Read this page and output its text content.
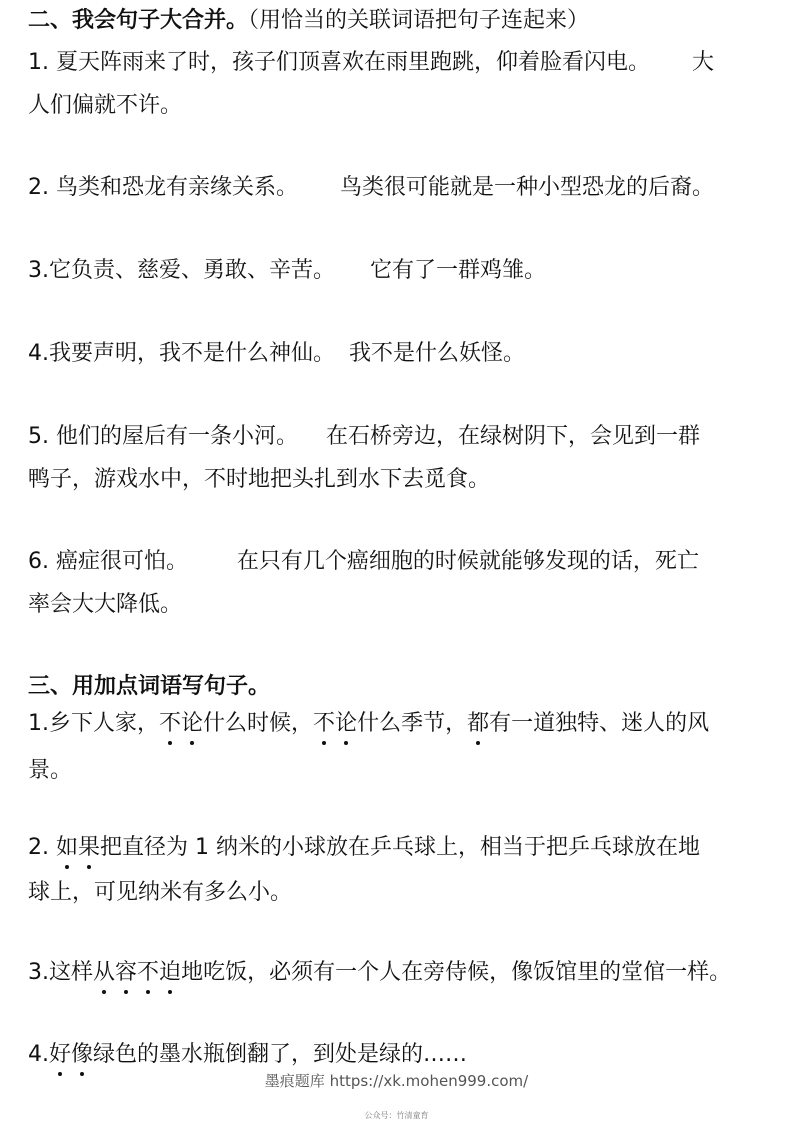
二、我会句子大合并。（用恰当的关联词语把句子连起来）
1. 夏天阵雨来了时，孩子们顶喜欢在雨里跑跳，仰着脸看闪电。      大
人们偏就不许。
2. 鸟类和恐龙有亲缘关系。      鸟类很可能就是一种小型恐龙的后裔。
3.它负责、慈爱、勇敢、辛苦。     它有了一群鸡雏。
4.我要声明，我不是什么神仙。  我不是什么妖怪。
5. 他们的屋后有一条小河。    在石桥旁边，在绿树阴下，会见到一群
鸭子，游戏水中，不时地把头扎到水下去觅食。
6. 癌症很可怕。       在只有几个癌细胞的时候就能够发现的话，死亡
率会大大降低。
三、用加点词语写句子。
1.乡下人家，不论什么时候，不论什么季节，都有一道独特、迷人的风
景。
2. 如果把直径为 1 纳米的小球放在乒乓球上，相当于把乒乓球放在地
球上，可见纳米有多么小。
3.这样从容不迫地吃饭，必须有一个人在旁侍候，像饭馆里的堂倌一样。
4.好像绿色的墨水瓶倒翻了，到处是绿的……
墨痕题库 https://xk.mohen999.com/
公众号：竹清童育
